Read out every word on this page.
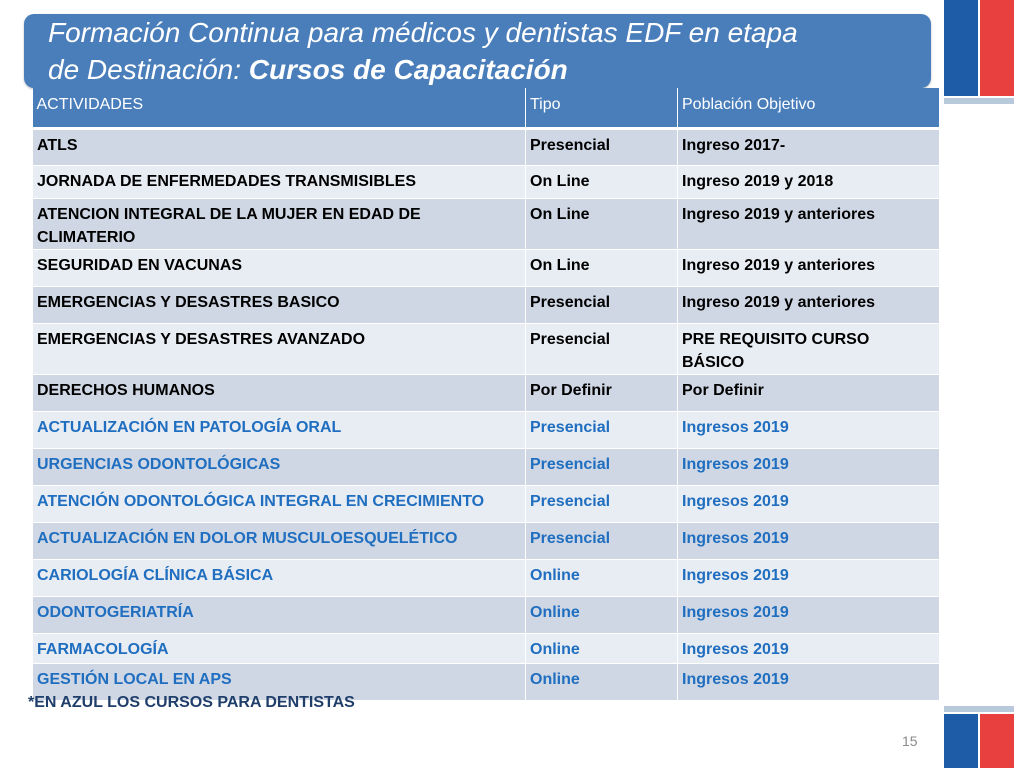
Formación Continua para médicos y dentistas EDF en etapa
de Destinación: Cursos de Capacitación
ACTIVIDADES	Tipo	Población Objetivo
ATLS	Presencial	Ingreso 2017-
JORNADA DE ENFERMEDADES TRANSMISIBLES	On Line	Ingreso 2019 y 2018
ATENCION INTEGRAL DE LA MUJER EN EDAD DE CLIMATERIO	On Line	Ingreso 2019 y anteriores
SEGURIDAD EN VACUNAS	On Line	Ingreso 2019 y anteriores
EMERGENCIAS Y DESASTRES BASICO	Presencial	Ingreso 2019 y anteriores
EMERGENCIAS Y DESASTRES AVANZADO	Presencial	PRE REQUISITO CURSO BÁSICO
DERECHOS HUMANOS	Por Definir	Por Definir
ACTUALIZACIÓN EN PATOLOGÍA ORAL	Presencial	Ingresos 2019
URGENCIAS ODONTOLÓGICAS	Presencial	Ingresos 2019
ATENCIÓN ODONTOLÓGICA INTEGRAL EN CRECIMIENTO	Presencial	Ingresos 2019
ACTUALIZACIÓN EN DOLOR MUSCULOESQUELÉTICO	Presencial	Ingresos 2019
CARIOLOGÍA CLÍNICA BÁSICA	Online	Ingresos 2019
ODONTOGERIATRÍA	Online	Ingresos 2019
FARMACOLOGÍA	Online	Ingresos 2019
GESTIÓN LOCAL EN APS	Online	Ingresos 2019
*EN AZUL LOS CURSOS PARA DENTISTAS
15
